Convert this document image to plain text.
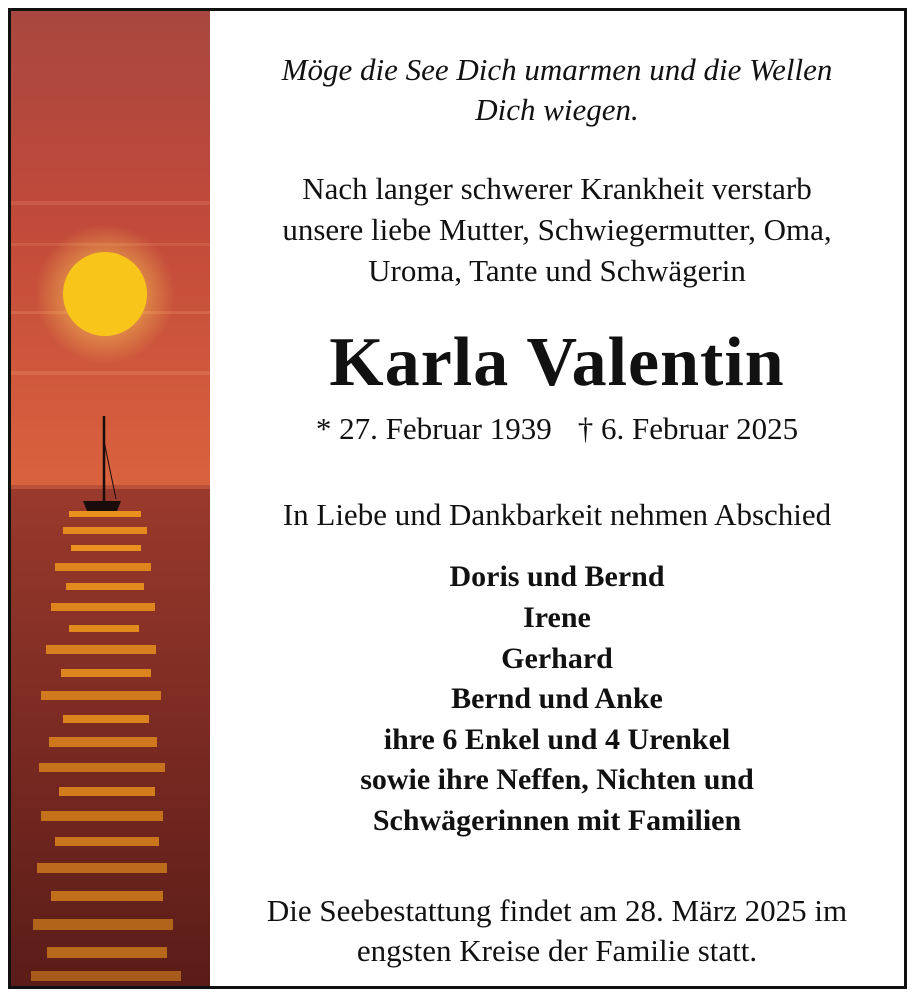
Möge die See Dich umarmen und die Wellen
Dich wiegen.
Nach langer schwerer Krankheit verstarb
unsere liebe Mutter, Schwiegermutter, Oma,
Uroma, Tante und Schwägerin
Karla Valentin
* 27. Februar 1939 † 6. Februar 2025
In Liebe und Dankbarkeit nehmen Abschied
Doris und Bernd
Irene
Gerhard
Bernd und Anke
ihre 6 Enkel und 4 Urenkel
sowie ihre Neffen, Nichten und
Schwägerinnen mit Familien
Die Seebestattung findet am 28. März 2025 im
engsten Kreise der Familie statt.
